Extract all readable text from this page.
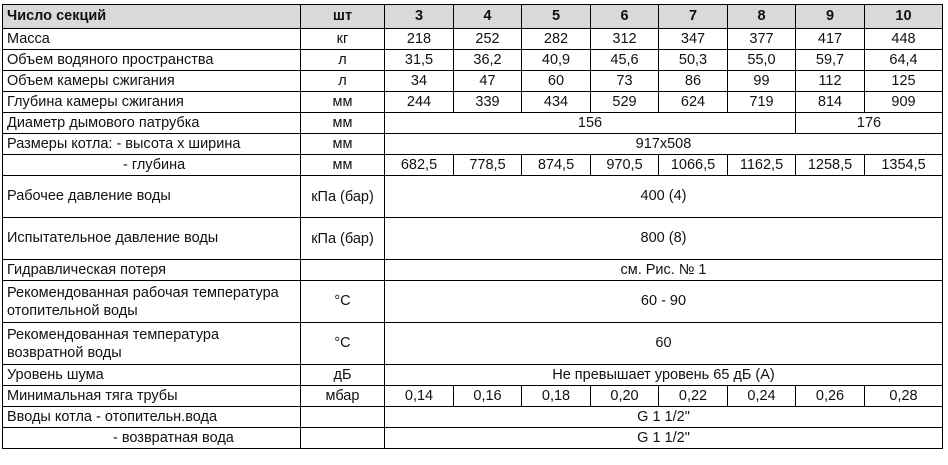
Число секций	шт	3	4	5	6	7	8	9	10
Масса	кг	218	252	282	312	347	377	417	448
Объем водяного пространства	л	31,5	36,2	40,9	45,6	50,3	55,0	59,7	64,4
Объем камеры сжигания	л	34	47	60	73	86	99	112	125
Глубина камеры сжигания	мм	244	339	434	529	624	719	814	909
Диаметр дымового патрубка	мм	156						176	
Размеры котла: - высота х ширина	мм	917x508							
- глубина	мм	682,5	778,5	874,5	970,5	1066,5	1162,5	1258,5	1354,5
Рабочее давление воды	кПа (бар)	400 (4)							
Испытательное давление воды	кПа (бар)	800 (8)							
Гидравлическая потеря		см. Рис. № 1							
Рекомендованная рабочая температура отопительной воды	°C	60 - 90							
Рекомендованная температура возвратной воды	°C	60							
Уровень шума	дБ	Не превышает уровень 65 дБ (А)							
Минимальная тяга трубы	мбар	0,14	0,16	0,18	0,20	0,22	0,24	0,26	0,28
Вводы котла - отопительн.вода		G 1 1/2"							
- возвратная вода		G 1 1/2"							
